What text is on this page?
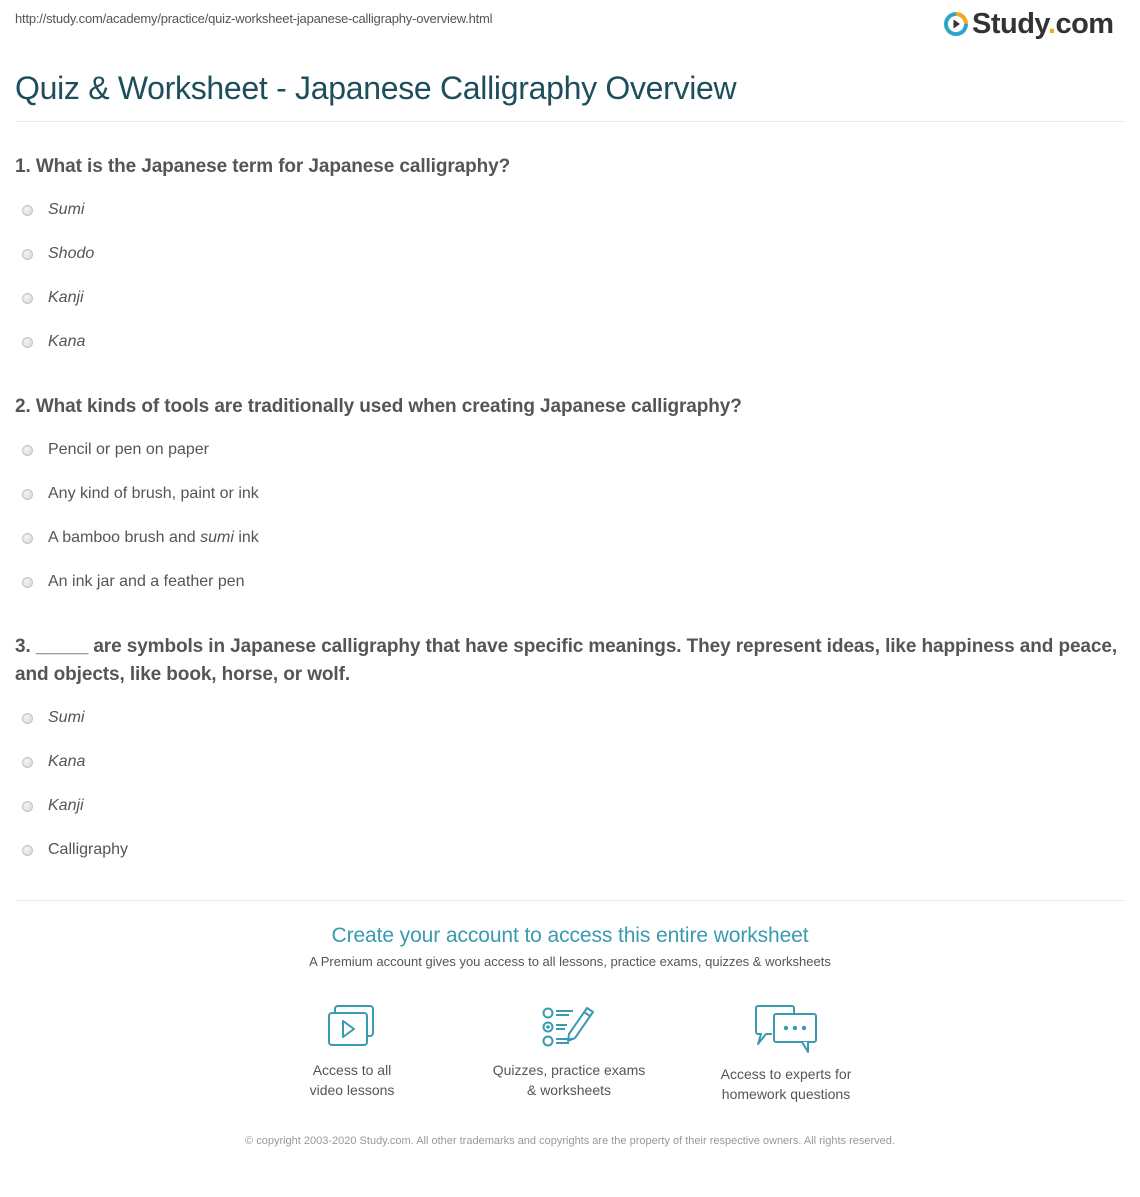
http://study.com/academy/practice/quiz-worksheet-japanese-calligraphy-overview.html	Study.com
Quiz & Worksheet - Japanese Calligraphy Overview
1. What is the Japanese term for Japanese calligraphy?
Sumi
Shodo
Kanji
Kana
2. What kinds of tools are traditionally used when creating Japanese calligraphy?
Pencil or pen on paper
Any kind of brush, paint or ink
A bamboo brush and sumi ink
An ink jar and a feather pen
3. _____ are symbols in Japanese calligraphy that have specific meanings. They represent ideas, like happiness and peace, and objects, like book, horse, or wolf.
Sumi
Kana
Kanji
Calligraphy
Create your account to access this entire worksheet
A Premium account gives you access to all lessons, practice exams, quizzes & worksheets
Access to all
video lessons
Quizzes, practice exams
& worksheets
Access to experts for
homework questions
© copyright 2003-2020 Study.com. All other trademarks and copyrights are the property of their respective owners. All rights reserved.
